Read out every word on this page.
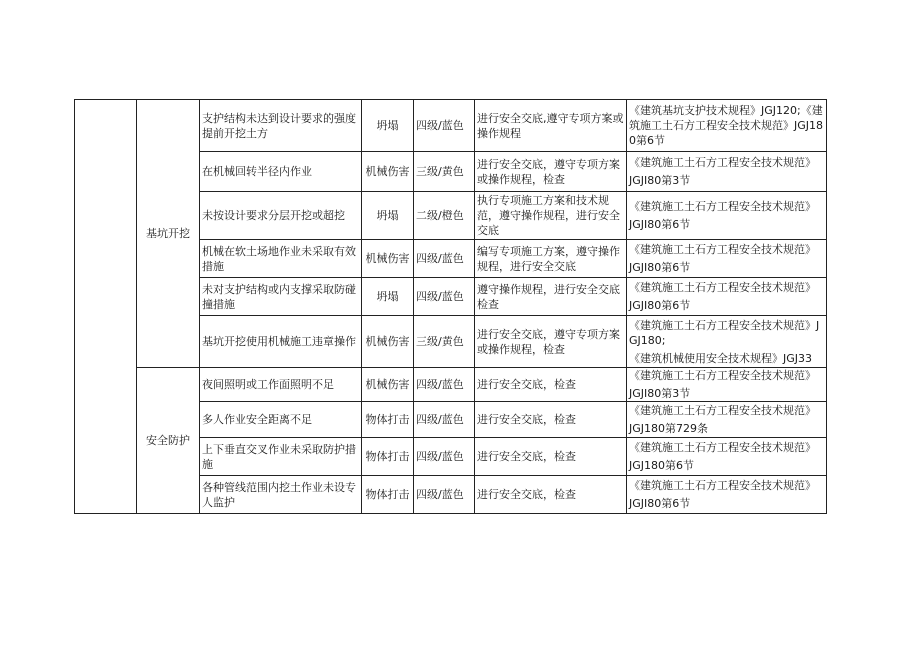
	基坑开挖	支护结构未达到设计要求的强度提前开挖土方	坍塌	四级/蓝色	进行安全交底,遵守专项方案或操作规程	《建筑基坑支护技术规程》JGJ120;《建筑施工土石方工程安全技术规范》JGJ180第6节
		在机械回转半径内作业	机械伤害	三级/黄色	进行安全交底，遵守专项方案或操作规程，检查	《建筑施工土石方工程安全技术规范》
JGJI80第3节

		未按设计要求分层开挖或超挖	坍塌	二级/橙色	执行专项施工方案和技术规范，遵守操作规程，进行安全交底	《建筑施工土石方工程安全技术规范》
JGJI80第6节

		机械在软土场地作业未采取有效措施	机械伤害	四级/蓝色	编写专项施工方案，遵守操作规程，进行安全交底	《建筑施工土石方工程安全技术规范》
JGJI80第6节

		未对支护结构或内支撑采取防碰撞措施	坍塌	四级/蓝色	遵守操作规程，进行安全交底检查	《建筑施工土石方工程安全技术规范》
JGJI80第6节

		基坑开挖使用机械施工违章操作	机械伤害	三级/黄色	进行安全交底，遵守专项方案或操作规程，检查	《建筑施工土石方工程安全技术规范》JGJ180;
《建筑机械使用安全技术规程》JGJ33

	安全防护	夜间照明或工作面照明不足	机械伤害	四级/蓝色	进行安全交底，检查	《建筑施工土石方工程安全技术规范》
JGJI80第3节

		多人作业安全距离不足	物体打击	四级/蓝色	进行安全交底，检查	《建筑施工土石方工程安全技术规范》
JGJ180第729条

		上下垂直交叉作业未采取防护措施	物体打击	四级/蓝色	进行安全交底，检查	《建筑施工土石方工程安全技术规范》
JGJ180第6节

		各种管线范围内挖土作业未设专人监护	物体打击	四级/蓝色	进行安全交底，检查	《建筑施工土石方工程安全技术规范》
JGJI80第6节
